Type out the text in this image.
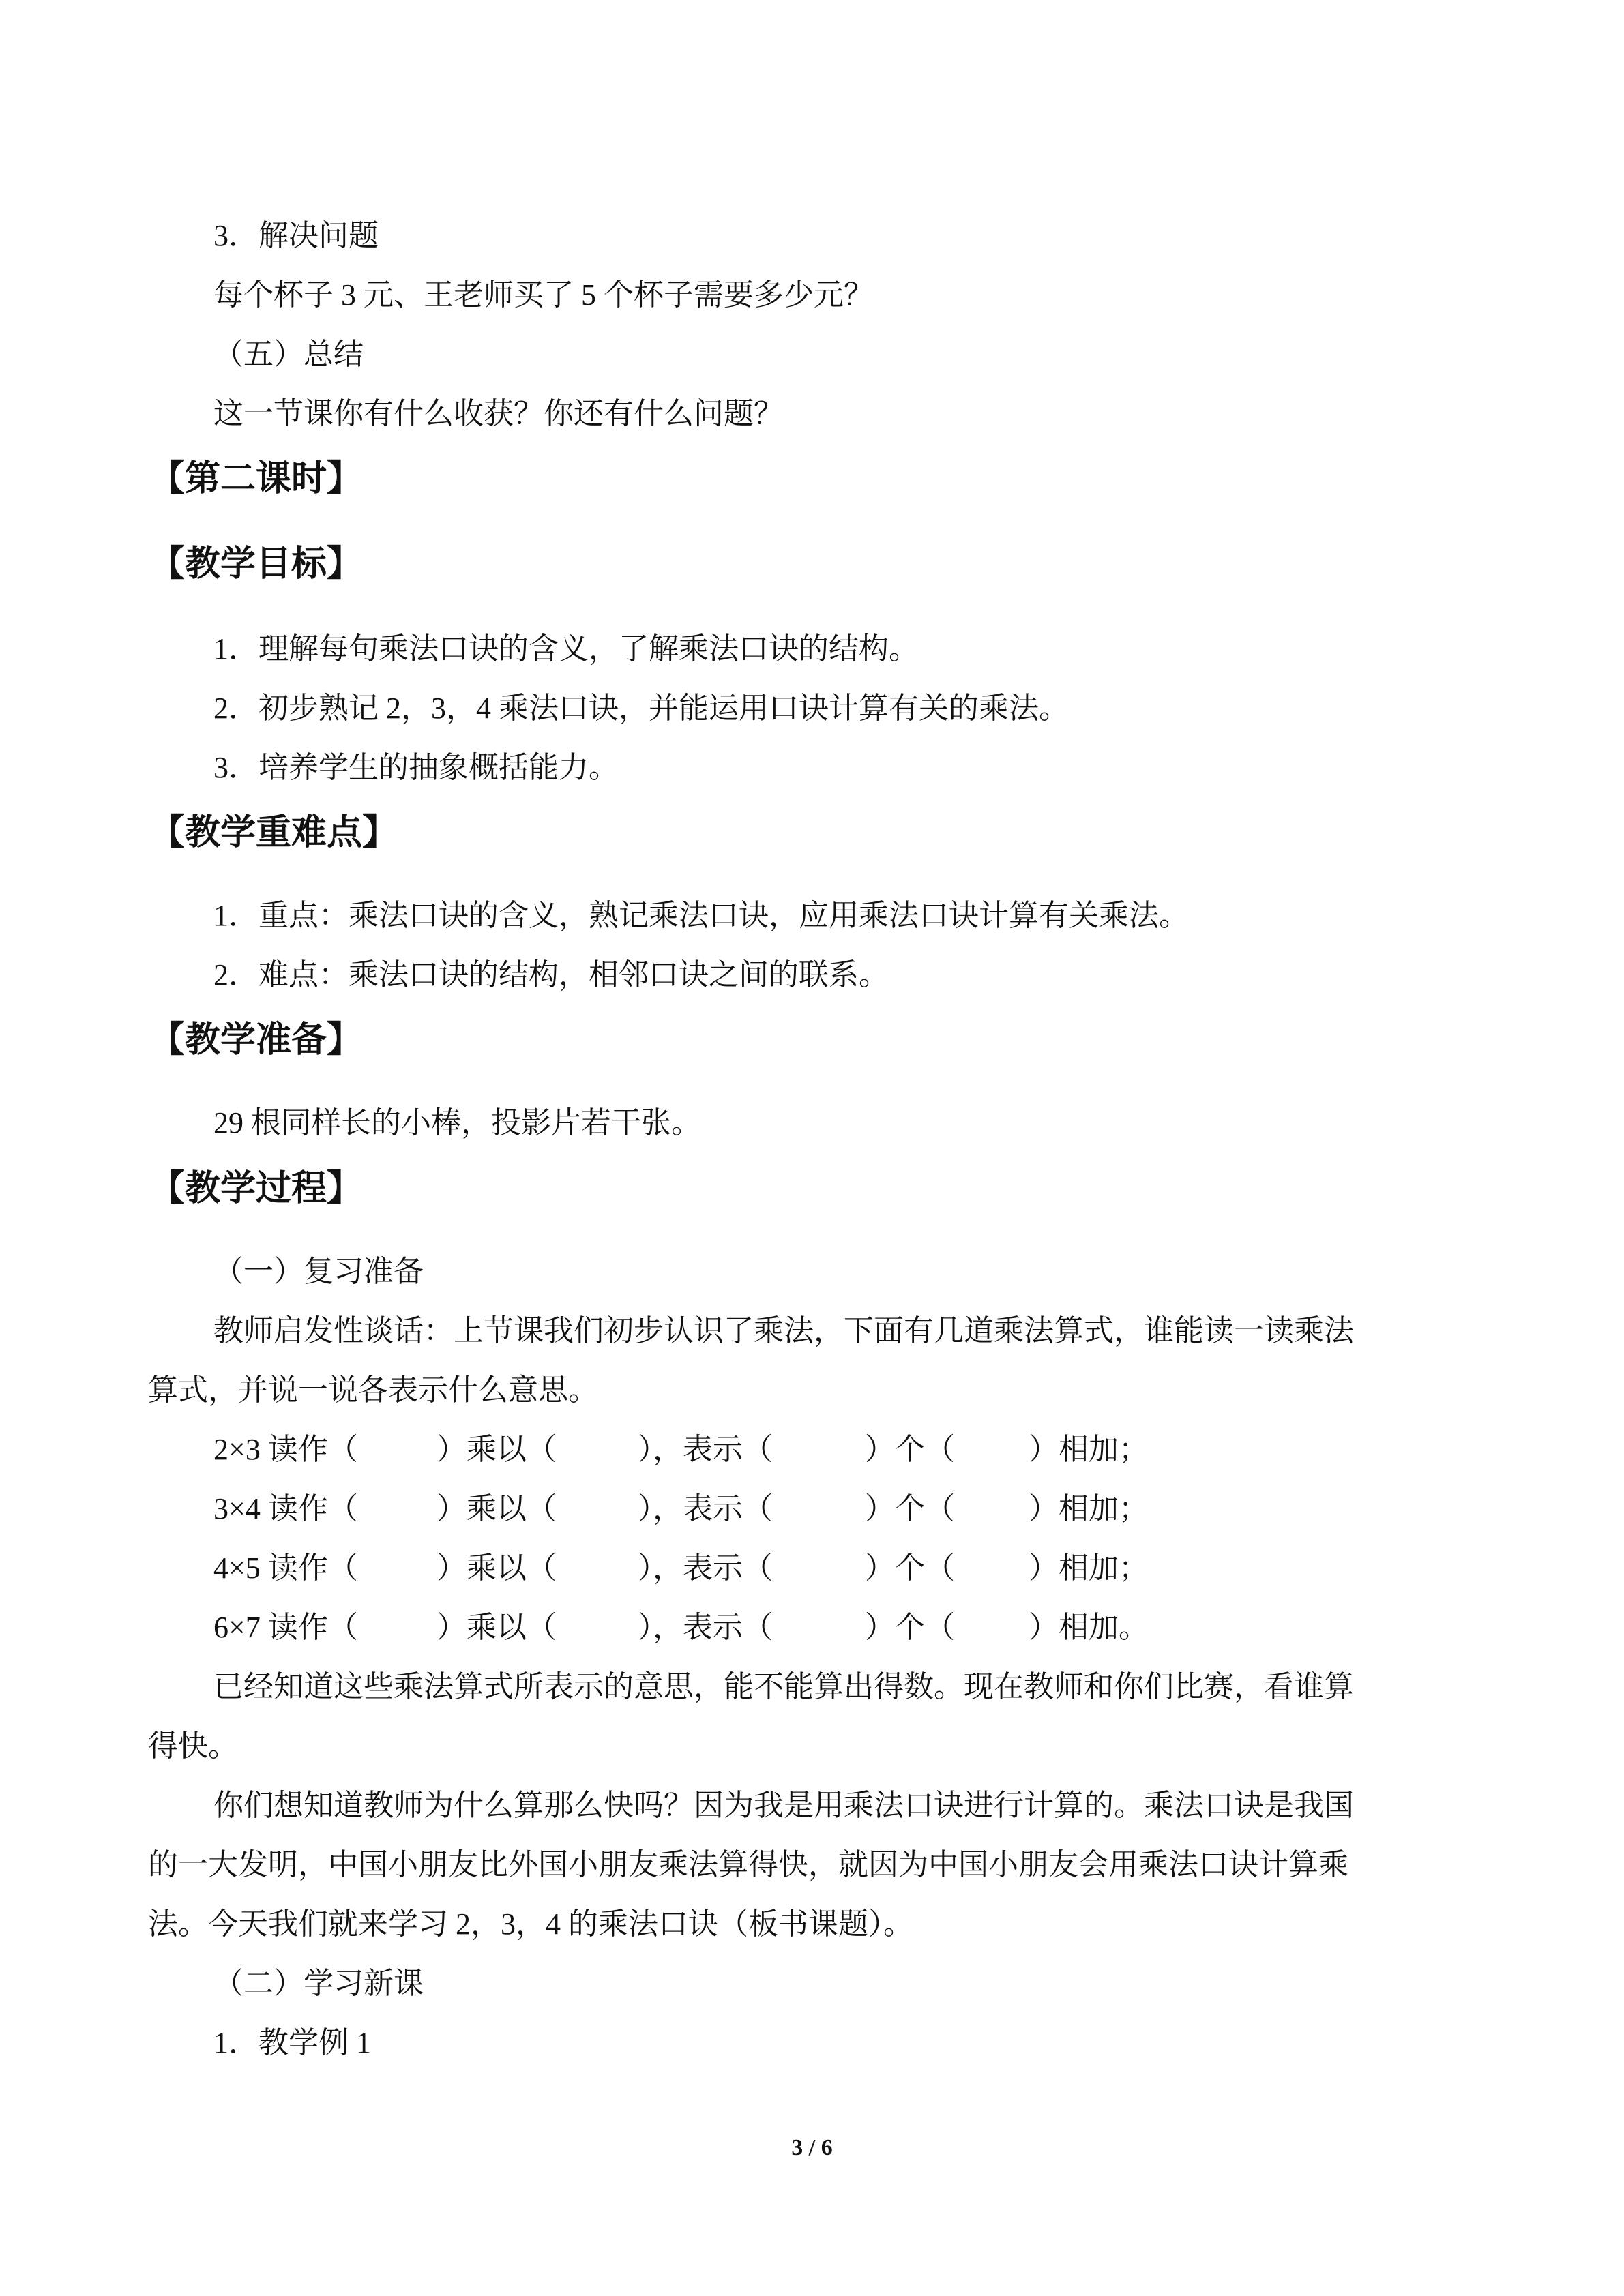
3．解决问题
每个杯子 3 元、王老师买了 5 个杯子需要多少元？
（五）总结
这一节课你有什么收获？你还有什么问题？
【第二课时】
【教学目标】
1．理解每句乘法口诀的含义，了解乘法口诀的结构。
2．初步熟记 2，3，4 乘法口诀，并能运用口诀计算有关的乘法。
3．培养学生的抽象概括能力。
【教学重难点】
1．重点：乘法口诀的含义，熟记乘法口诀，应用乘法口诀计算有关乘法。
2．难点：乘法口诀的结构，相邻口诀之间的联系。
【教学准备】
29 根同样长的小棒，投影片若干张。
【教学过程】
（一）复习准备
教师启发性谈话：上节课我们初步认识了乘法，下面有几道乘法算式，谁能读一读乘法
算式，并说一说各表示什么意思。
2×3 读作（	）乘以（	），表示（	）个（ ）相加；
3×4 读作（	）乘以（	），表示（	）个（ ）相加；
4×5 读作（	）乘以（	），表示（	）个（ ）相加；
6×7 读作（	）乘以（	），表示（	）个（ ）相加。
已经知道这些乘法算式所表示的意思，能不能算出得数。现在教师和你们比赛，看谁算
得快。
你们想知道教师为什么算那么快吗？因为我是用乘法口诀进行计算的。乘法口诀是我国
的一大发明，中国小朋友比外国小朋友乘法算得快，就因为中国小朋友会用乘法口诀计算乘
法。今天我们就来学习 2，3，4 的乘法口诀（板书课题）。
（二）学习新课
1．教学例 1
3 / 6
